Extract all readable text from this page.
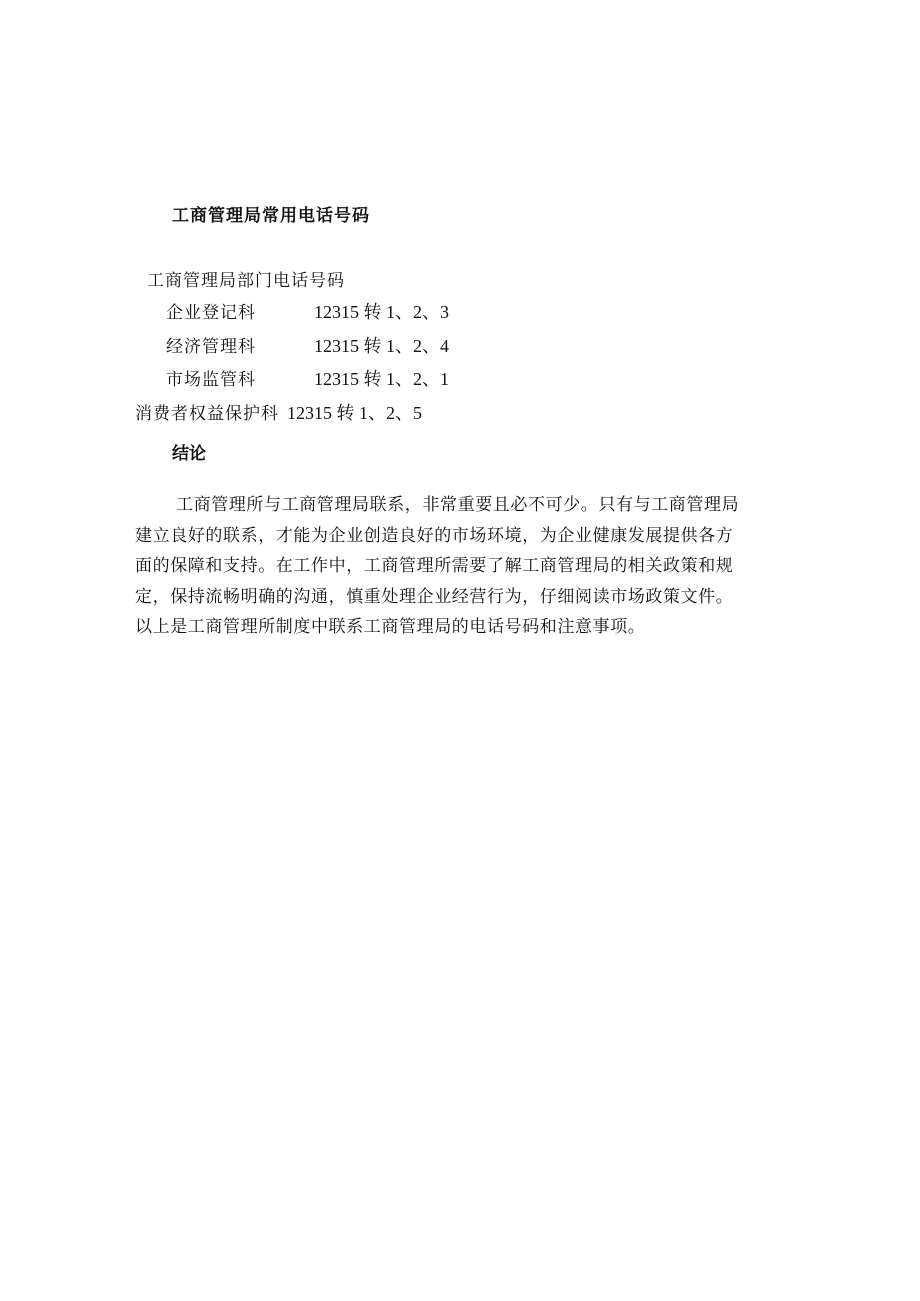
工商管理局常用电话号码
工商管理局部门电话号码
企业登记科	12315 转 1、2、3
经济管理科	12315 转 1、2、4
市场监管科	12315 转 1、2、1
消费者权益保护科 12315 转 1、2、5
结论
工商管理所与工商管理局联系，非常重要且必不可少。只有与工商管理局
建立良好的联系，才能为企业创造良好的市场环境，为企业健康发展提供各方
面的保障和支持。在工作中，工商管理所需要了解工商管理局的相关政策和规
定，保持流畅明确的沟通，慎重处理企业经营行为，仔细阅读市场政策文件。
以上是工商管理所制度中联系工商管理局的电话号码和注意事项。
